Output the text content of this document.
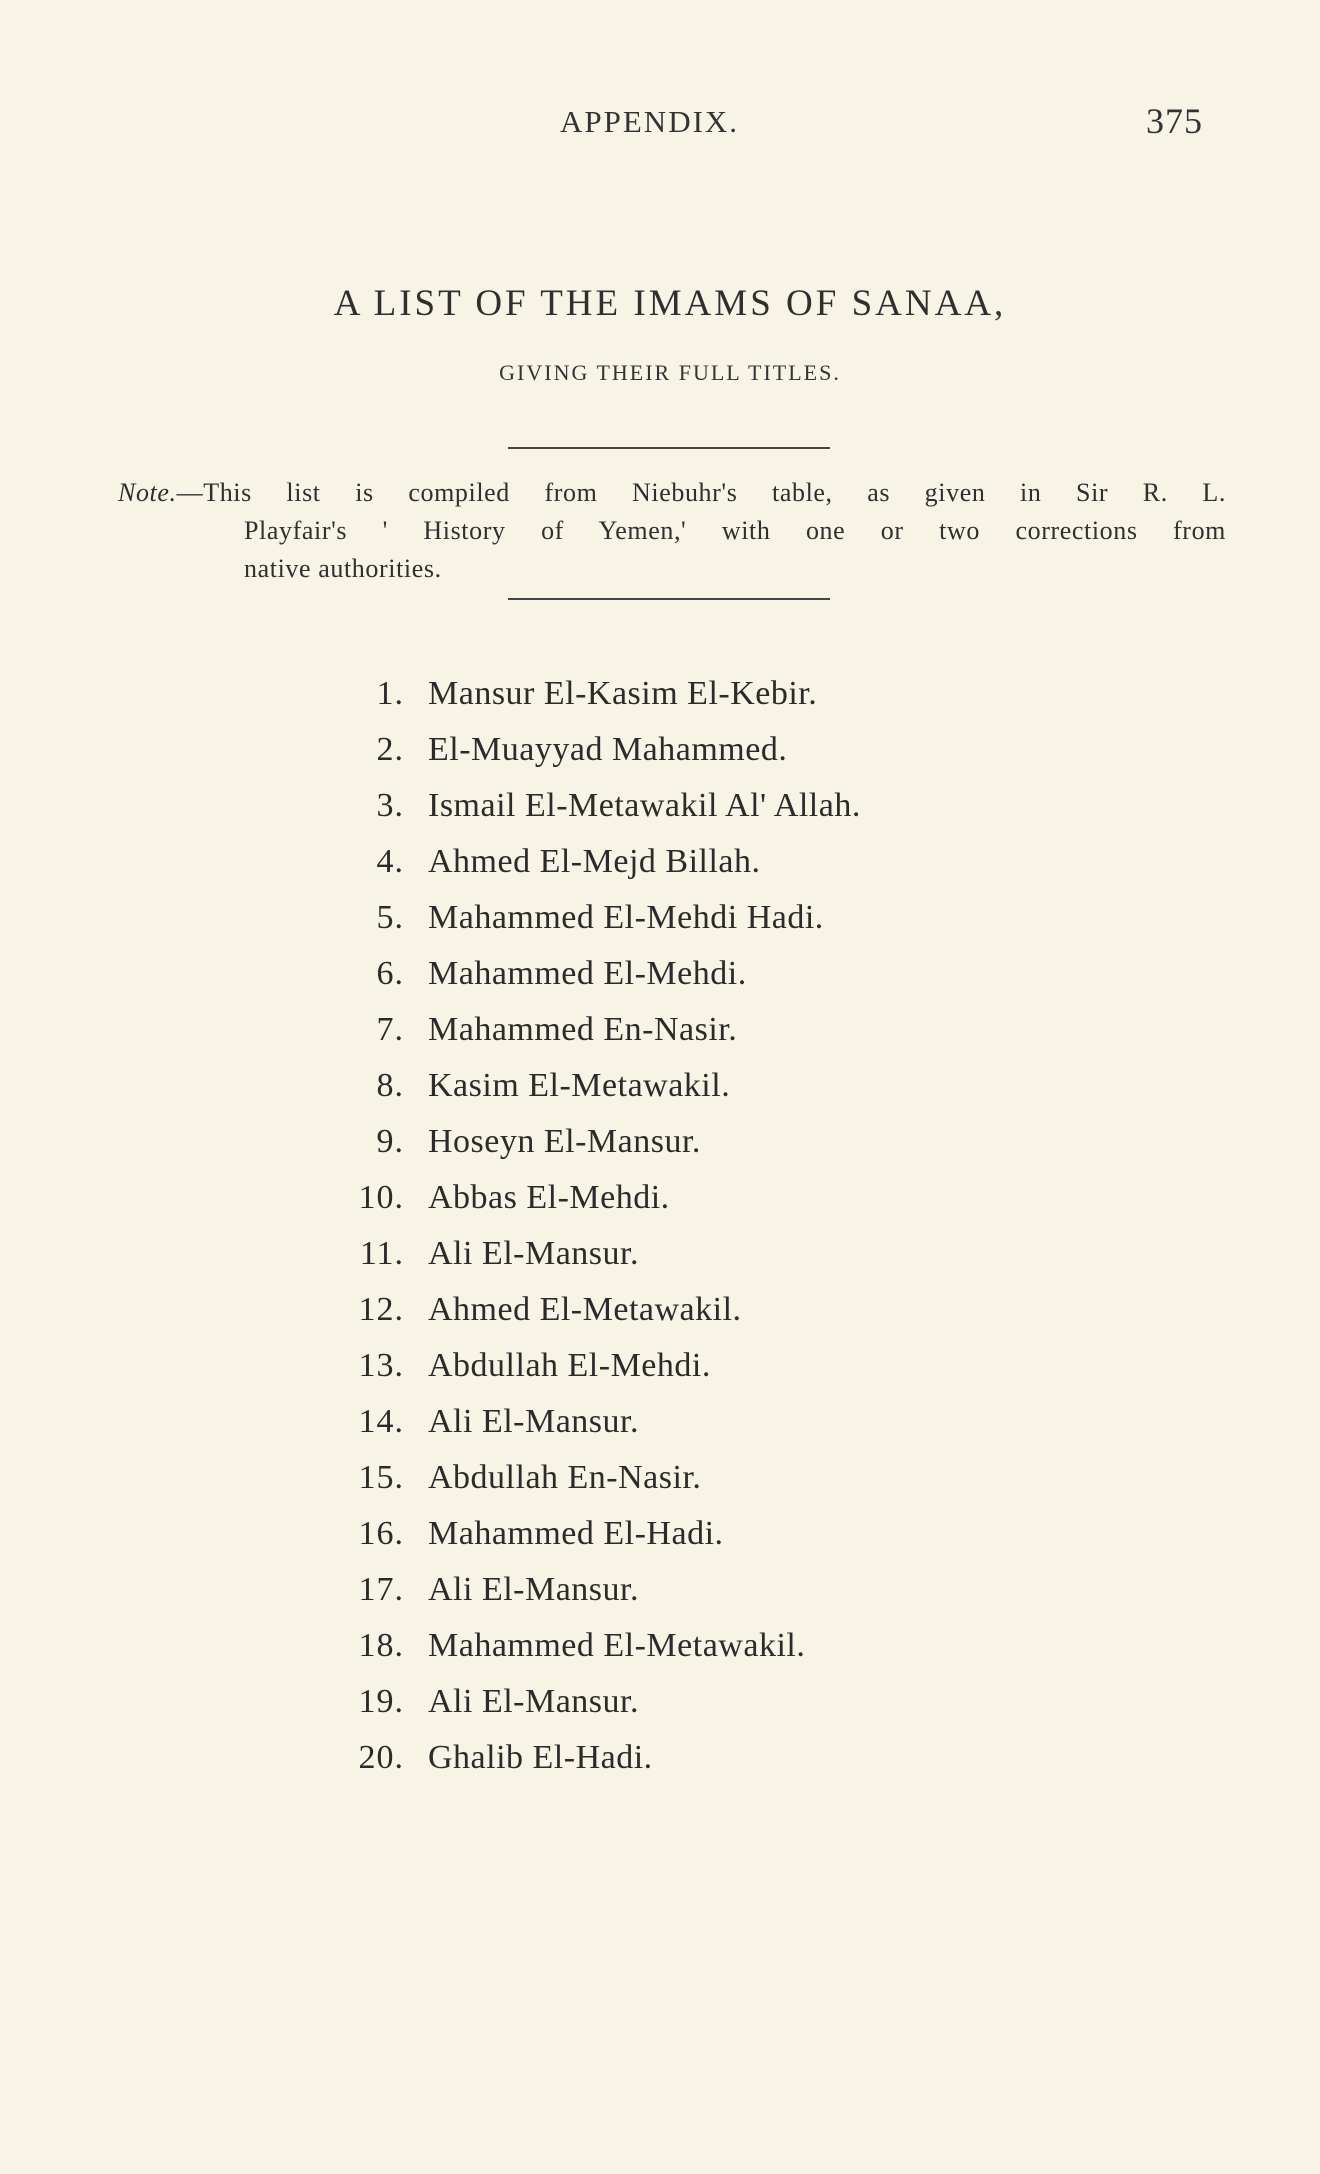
APPENDIX.	375
A LIST OF THE IMAMS OF SANAA,
GIVING THEIR FULL TITLES.
Note.—This list is compiled from Niebuhr's table, as given in Sir R. L.
Playfair's ' History of Yemen,' with one or two corrections from
native authorities.
1. Mansur El-Kasim El-Kebir.
2. El-Muayyad Mahammed.
3. Ismail El-Metawakil Al' Allah.
4. Ahmed El-Mejd Billah.
5. Mahammed El-Mehdi Hadi.
6. Mahammed El-Mehdi.
7. Mahammed En-Nasir.
8. Kasim El-Metawakil.
9. Hoseyn El-Mansur.
10. Abbas El-Mehdi.
11. Ali El-Mansur.
12. Ahmed El-Metawakil.
13. Abdullah El-Mehdi.
14. Ali El-Mansur.
15. Abdullah En-Nasir.
16. Mahammed El-Hadi.
17. Ali El-Mansur.
18. Mahammed El-Metawakil.
19. Ali El-Mansur.
20. Ghalib El-Hadi.
